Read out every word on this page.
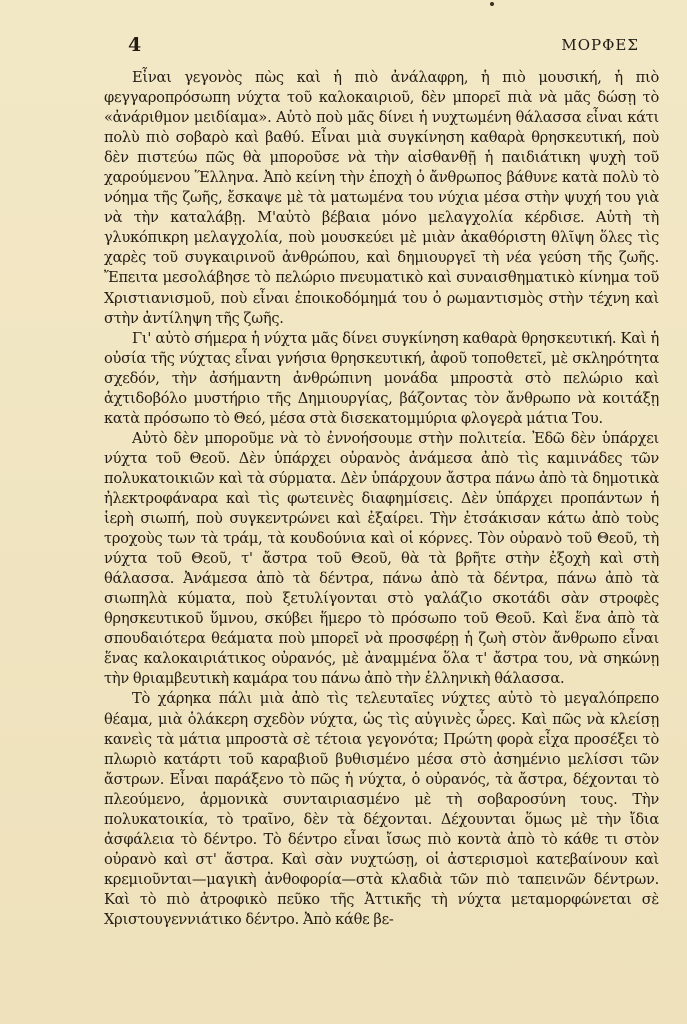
4	ΜΟΡΦΕΣ

Εἶναι γεγονὸς πὼς καὶ ἡ πιὸ ἀνάλαφρη, ἡ πιὸ μουσική, ἡ πιὸ φεγγαροπρόσωπη νύχτα τοῦ καλοκαιριοῦ, δὲν μπορεῖ πιὰ νὰ μᾶς δώσῃ τὸ «ἀνάριθμον μειδίαμα». Αὐτὸ ποὺ μᾶς δίνει ἡ νυχτωμένη θάλασσα εἶναι κάτι πολὺ πιὸ σοβαρὸ καὶ βαθύ. Εἶναι μιὰ συγκίνηση καθαρὰ θρησκευτική, ποὺ δὲν πιστεύω πῶς θὰ μποροῦσε νὰ τὴν αἰσθανθῇ ἡ παιδιάτικη ψυχὴ τοῦ χαρούμενου Ἕλληνα. Ἀπὸ κείνη τὴν ἐποχὴ ὁ ἄνθρωπος βάθυνε κατὰ πολὺ τὸ νόημα τῆς ζωῆς, ἔσκαψε μὲ τὰ ματωμένα του νύχια μέσα στὴν ψυχή του γιὰ νὰ τὴν καταλάβῃ. Μ'αὐτὸ βέβαια μόνο μελαγχολία κέρδισε. Αὐτὴ τὴ γλυκόπικρη μελαγχολία, ποὺ μουσκεύει μὲ μιὰν ἀκαθόριστη θλῖψη ὅλες τὶς χαρὲς τοῦ συγκαιρινοῦ ἀνθρώπου, καὶ δημιουργεῖ τὴ νέα γεύση τῆς ζωῆς. Ἔπειτα μεσολάβησε τὸ πελώριο πνευματικὸ καὶ συναισθηματικὸ κίνημα τοῦ Χριστιανισμοῦ, ποὺ εἶναι ἐποικοδόμημά του ὁ ρωμαντισμὸς στὴν τέχνη καὶ στὴν ἀντίληψη τῆς ζωῆς.

Γι' αὐτὸ σήμερα ἡ νύχτα μᾶς δίνει συγκίνηση καθαρὰ θρησκευτική. Καὶ ἡ οὐσία τῆς νύχτας εἶναι γνήσια θρησκευτική, ἀφοῦ τοποθετεῖ, μὲ σκληρότητα σχεδόν, τὴν ἀσήμαντη ἀνθρώπινη μονάδα μπροστὰ στὸ πελώριο καὶ ἀχτιδοβόλο μυστήριο τῆς Δημιουργίας, βάζοντας τὸν ἄνθρωπο νὰ κοιτάξῃ κατὰ πρόσωπο τὸ Θεό, μέσα στὰ δισεκατομμύρια φλογερὰ μάτια Του.

Αὐτὸ δὲν μποροῦμε νὰ τὸ ἐννοήσουμε στὴν πολιτεία. Ἐδῶ δὲν ὑπάρχει νύχτα τοῦ Θεοῦ. Δὲν ὑπάρχει οὐρανὸς ἀνάμεσα ἀπὸ τὶς καμινάδες τῶν πολυκατοικιῶν καὶ τὰ σύρματα. Δὲν ὑπάρχουν ἄστρα πάνω ἀπὸ τὰ δημοτικὰ ἠλεκτροφάναρα καὶ τὶς φωτεινὲς διαφημίσεις. Δὲν ὑπάρχει προπάντων ἡ ἱερὴ σιωπή, ποὺ συγκεντρώνει καὶ ἐξαίρει. Τὴν ἐτσάκισαν κάτω ἀπὸ τοὺς τροχοὺς των τὰ τράμ, τὰ κουδούνια καὶ οἱ κόρνες. Τὸν οὐρανὸ τοῦ Θεοῦ, τὴ νύχτα τοῦ Θεοῦ, τ' ἄστρα τοῦ Θεοῦ, θὰ τὰ βρῆτε στὴν ἐξοχὴ καὶ στὴ θάλασσα. Ἀνάμεσα ἀπὸ τὰ δέντρα, πάνω ἀπὸ τὰ δέντρα, πάνω ἀπὸ τὰ σιωπηλὰ κύματα, ποὺ ξετυλίγονται στὸ γαλάζιο σκοτάδι σὰν στροφὲς θρησκευτικοῦ ὕμνου, σκύβει ἥμερο τὸ πρόσωπο τοῦ Θεοῦ. Καὶ ἕνα ἀπὸ τὰ σπουδαιότερα θεάματα ποὺ μπορεῖ νὰ προσφέρῃ ἡ ζωὴ στὸν ἄνθρωπο εἶναι ἕνας καλοκαιριάτικος οὐρανός, μὲ ἀναμμένα ὅλα τ' ἄστρα του, νὰ σηκώνῃ τὴν θριαμβευτικὴ καμάρα του πάνω ἀπὸ τὴν ἑλληνικὴ θάλασσα.

Τὸ χάρηκα πάλι μιὰ ἀπὸ τὶς τελευταῖες νύχτες αὐτὸ τὸ μεγαλόπρεπο θέαμα, μιὰ ὁλάκερη σχεδὸν νύχτα, ὡς τὶς αὐγινὲς ὧρες. Καὶ πῶς νὰ κλείσῃ κανεὶς τὰ μάτια μπροστὰ σὲ τέτοια γεγονότα; Πρώτη φορὰ εἶχα προσέξει τὸ πλωριὸ κατάρτι τοῦ καραβιοῦ βυθισμένο μέσα στὸ ἀσημένιο μελίσσι τῶν ἄστρων. Εἶναι παράξενο τὸ πῶς ἡ νύχτα, ὁ οὐρανός, τὰ ἄστρα, δέχονται τὸ πλεούμενο, ἁρμονικὰ συνταιριασμένο μὲ τὴ σοβαροσύνη τους. Τὴν πολυκατοικία, τὸ τραῖνο, δὲν τὰ δέχονται. Δέχουνται ὅμως μὲ τὴν ἴδια ἀσφάλεια τὸ δέντρο. Τὸ δέντρο εἶναι ἴσως πιὸ κοντὰ ἀπὸ τὸ κάθε τι στὸν οὐρανὸ καὶ στ' ἄστρα. Καὶ σὰν νυχτώσῃ, οἱ ἀστερισμοὶ κατεβαίνουν καὶ κρεμιοῦνται—μαγικὴ ἀνθοφορία—στὰ κλαδιὰ τῶν πιὸ ταπεινῶν δέντρων. Καὶ τὸ πιὸ ἀτροφικὸ πεῦκο τῆς Ἀττικῆς τὴ νύχτα μεταμορφώνεται σὲ Χριστουγεννιάτικο δέντρο. Ἀπὸ κάθε βε-
